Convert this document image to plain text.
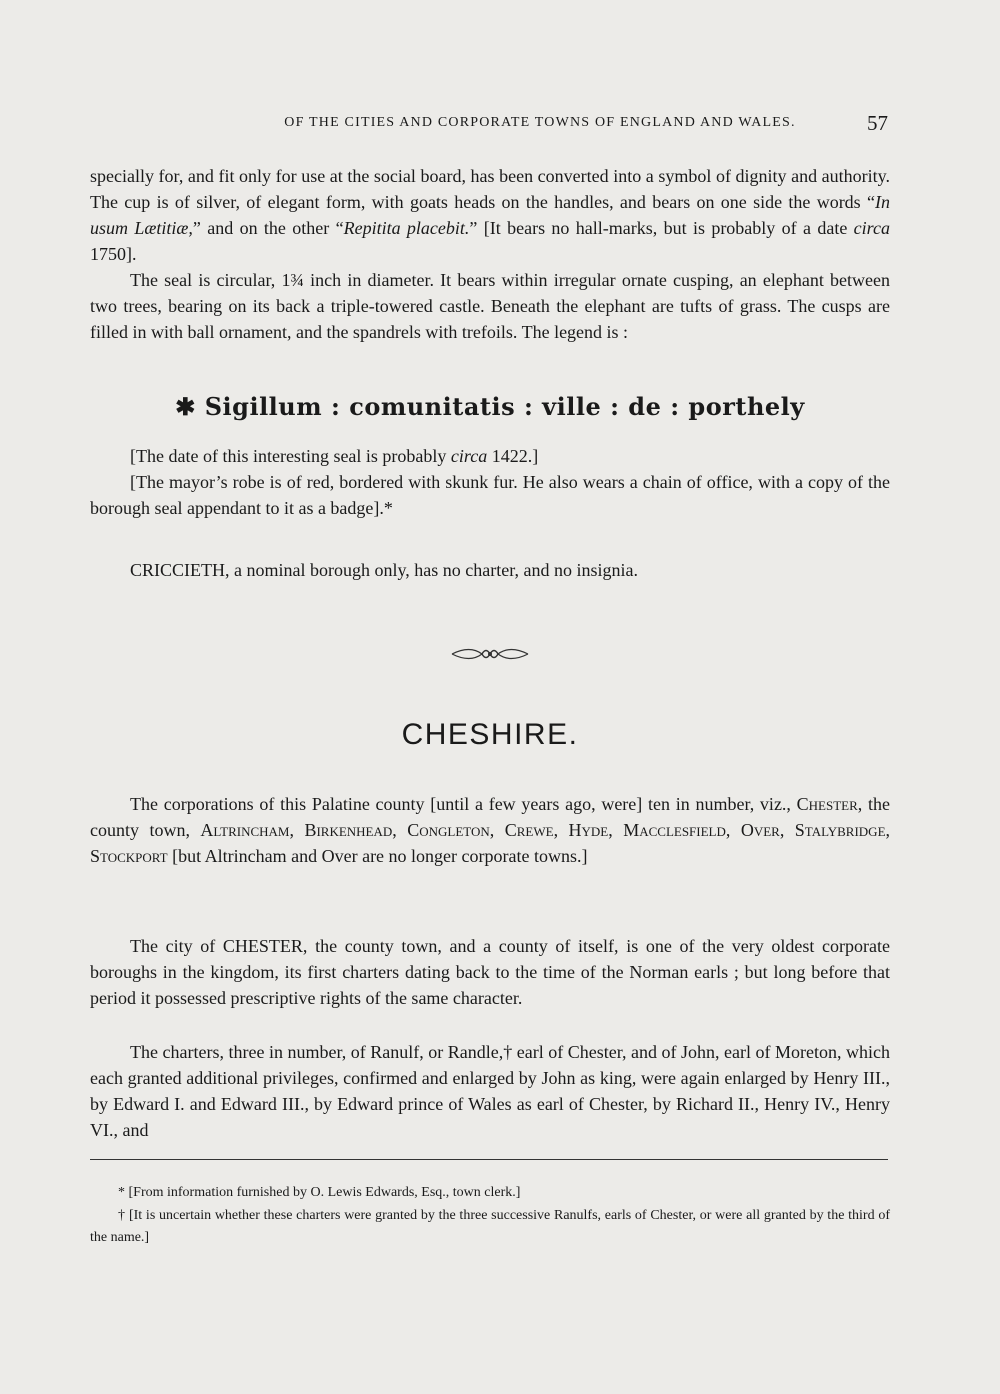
OF THE CITIES AND CORPORATE TOWNS OF ENGLAND AND WALES.	57

specially for, and fit only for use at the social board, has been converted into a symbol of dignity and authority. The cup is of silver, of elegant form, with goats heads on the handles, and bears on one side the words “In usum Lætitiæ,” and on the other “Repitita placebit.” [It bears no hall-marks, but is probably of a date circa 1750].

The seal is circular, 1¾ inch in diameter. It bears within irregular ornate cusping, an elephant between two trees, bearing on its back a triple-towered castle. Beneath the elephant are tufts of grass. The cusps are filled in with ball ornament, and the spandrels with trefoils. The legend is :

✱ Sigillum : comunitatis : ville : de : porthely

[The date of this interesting seal is probably circa 1422.]

[The mayor’s robe is of red, bordered with skunk fur. He also wears a chain of office, with a copy of the borough seal appendant to it as a badge].*

CRICCIETH, a nominal borough only, has no charter, and no insignia.

CHESHIRE.

The corporations of this Palatine county [until a few years ago, were] ten in number, viz., Chester, the county town, Altrincham, Birkenhead, Congleton, Crewe, Hyde, Macclesfield, Over, Stalybridge, Stockport [but Altrincham and Over are no longer corporate towns.]

The city of CHESTER, the county town, and a county of itself, is one of the very oldest corporate boroughs in the kingdom, its first charters dating back to the time of the Norman earls ; but long before that period it possessed prescriptive rights of the same character.

The charters, three in number, of Ranulf, or Randle,† earl of Chester, and of John, earl of Moreton, which each granted additional privileges, confirmed and enlarged by John as king, were again enlarged by Henry III., by Edward I. and Edward III., by Edward prince of Wales as earl of Chester, by Richard II., Henry IV., Henry VI., and

* [From information furnished by O. Lewis Edwards, Esq., town clerk.]

† [It is uncertain whether these charters were granted by the three successive Ranulfs, earls of Chester, or were all granted by the third of the name.]
